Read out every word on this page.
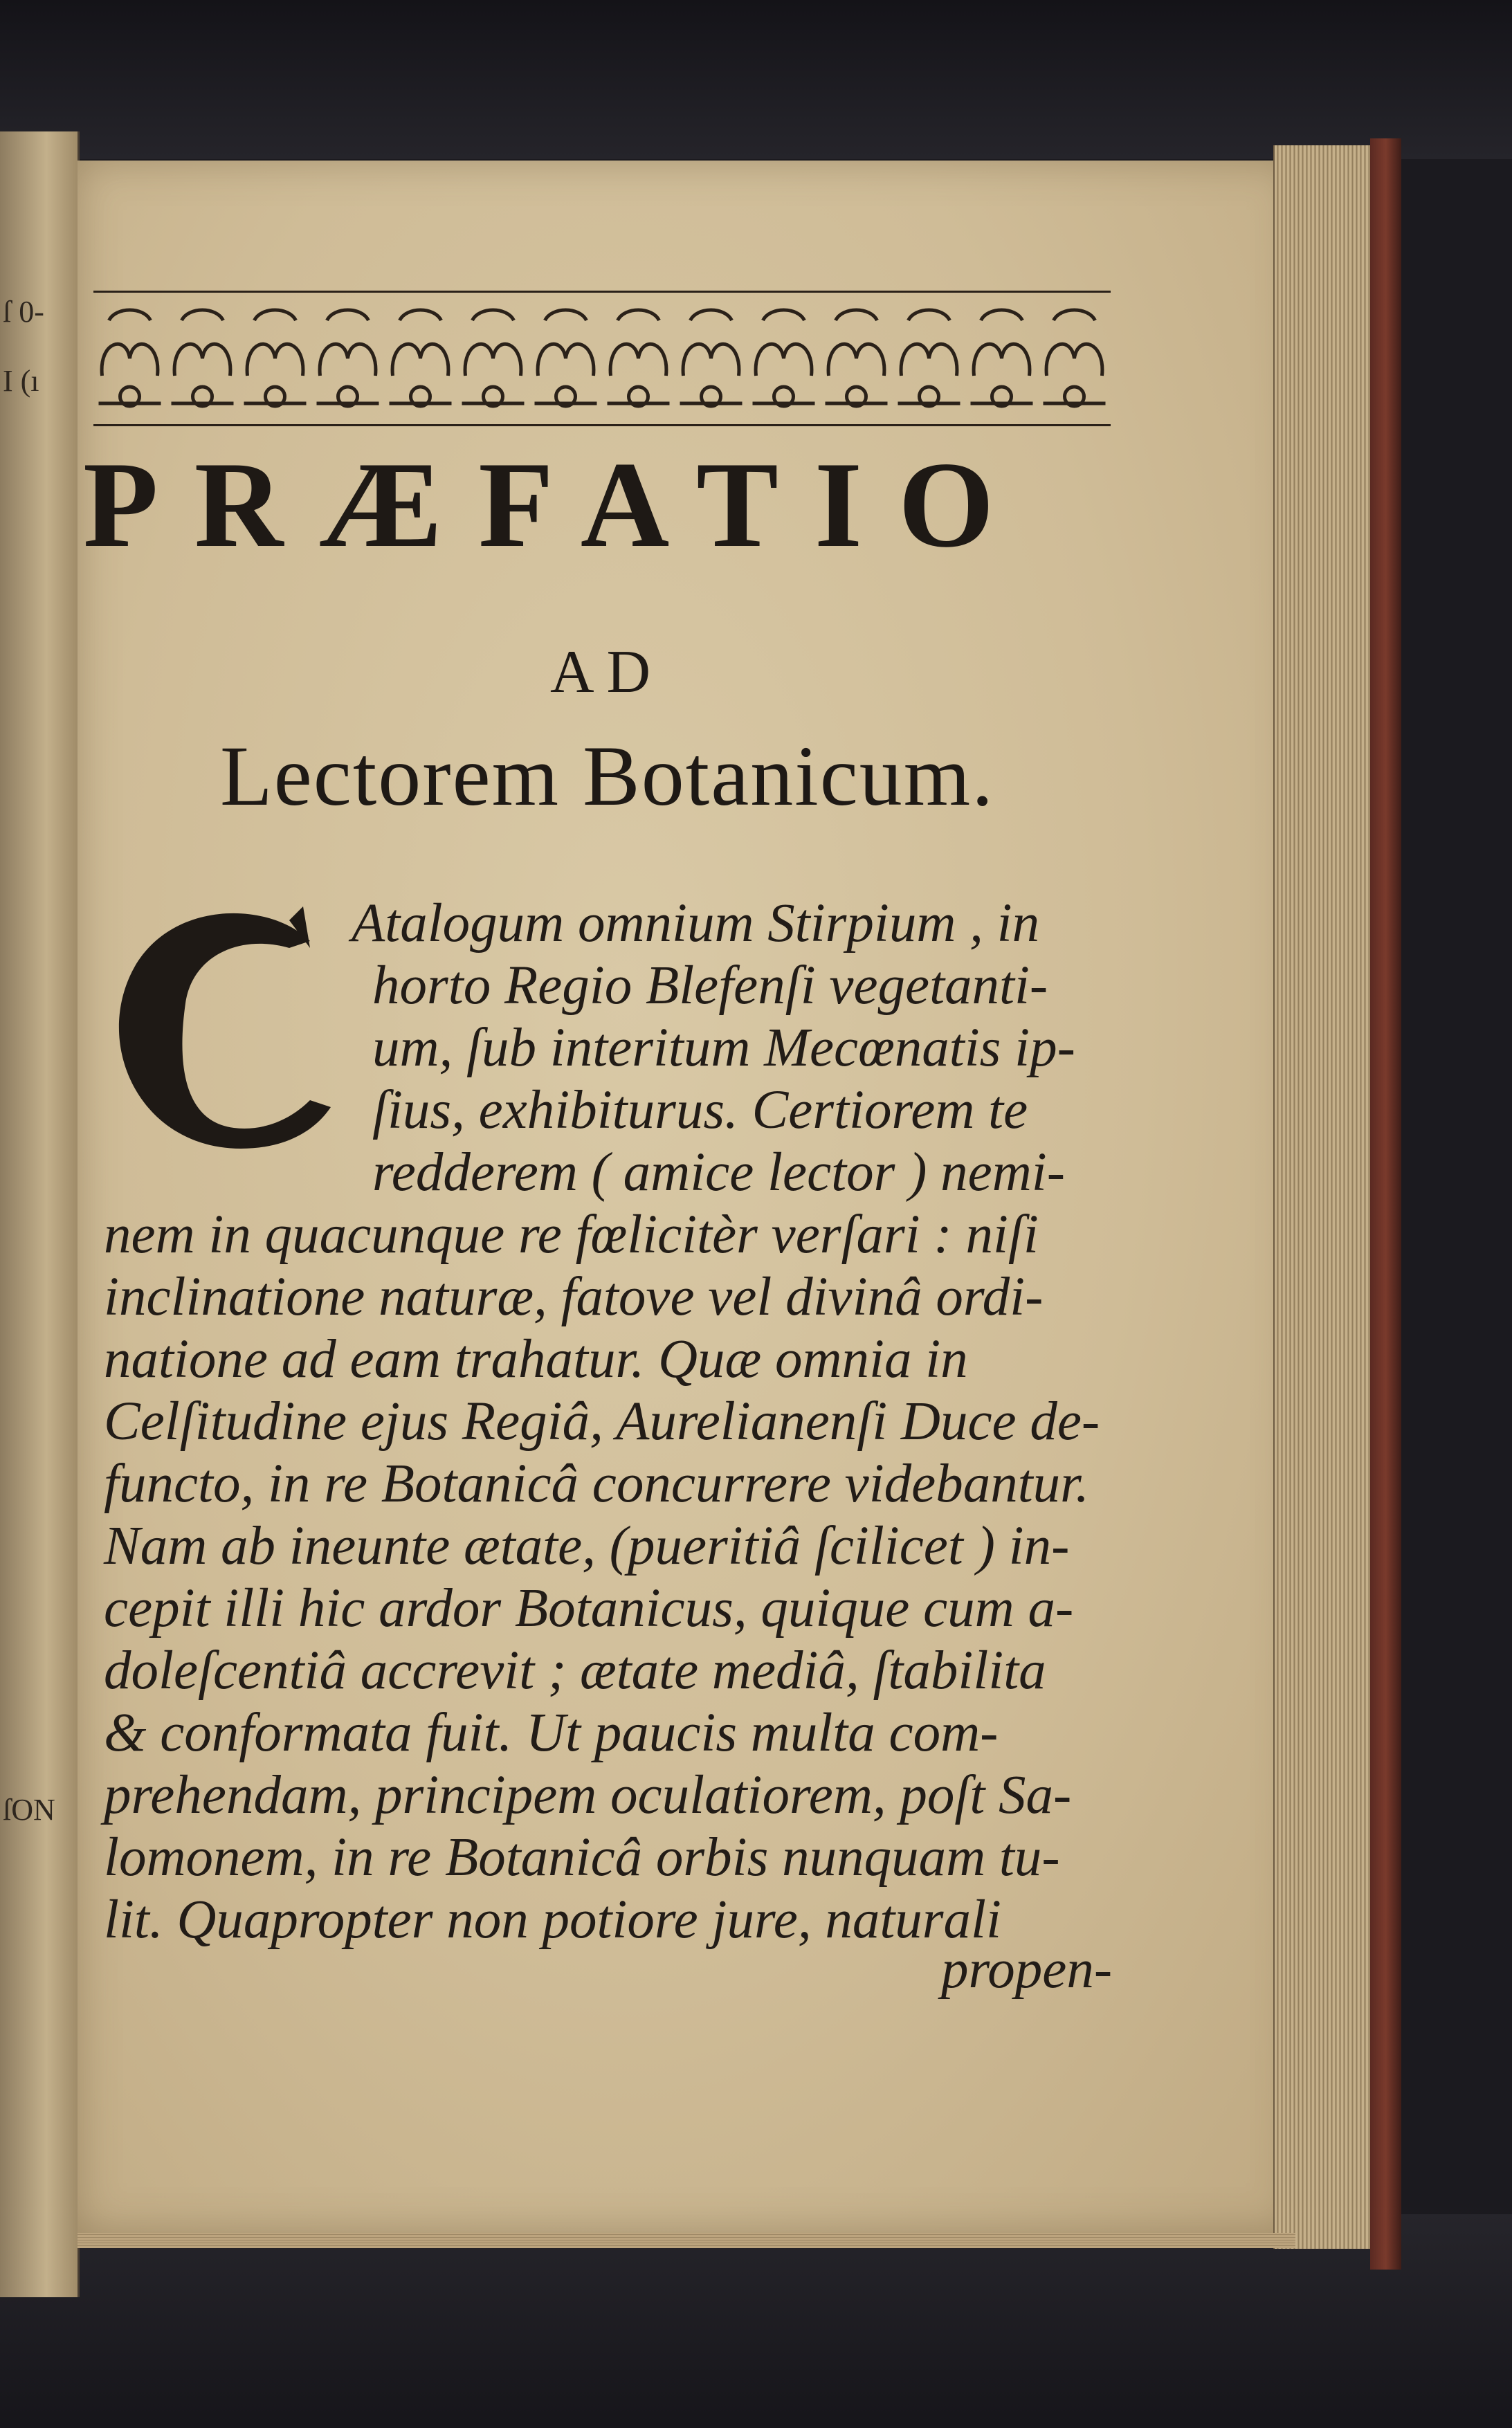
ſ 0-
I (ı
ſON
PRÆFATIO
AD
Lectorem Botanicum.
Atalogum omnium Stirpium , in
horto Regio Blefenſi vegetanti-
um, ſub interitum Mecœnatis ip-
ſius, exhibiturus. Certiorem te
redderem ( amice lector ) nemi-
nem in quacunque re fœlicitèr verſari : niſi
inclinatione naturæ, fatove vel divinâ ordi-
natione ad eam trahatur. Quæ omnia in
Celſitudine ejus Regiâ, Aurelianenſi Duce de-
functo, in re Botanicâ concurrere videbantur.
Nam ab ineunte ætate, (pueritiâ ſcilicet ) in-
cepit illi hic ardor Botanicus, quique cum a-
doleſcentiâ accrevit ; ætate mediâ, ſtabilita
& conformata fuit. Ut paucis multa com-
prehendam, principem oculatiorem, poſt Sa-
lomonem, in re Botanicâ orbis nunquam tu-
lit. Quapropter non potiore jure, naturali
propen-
